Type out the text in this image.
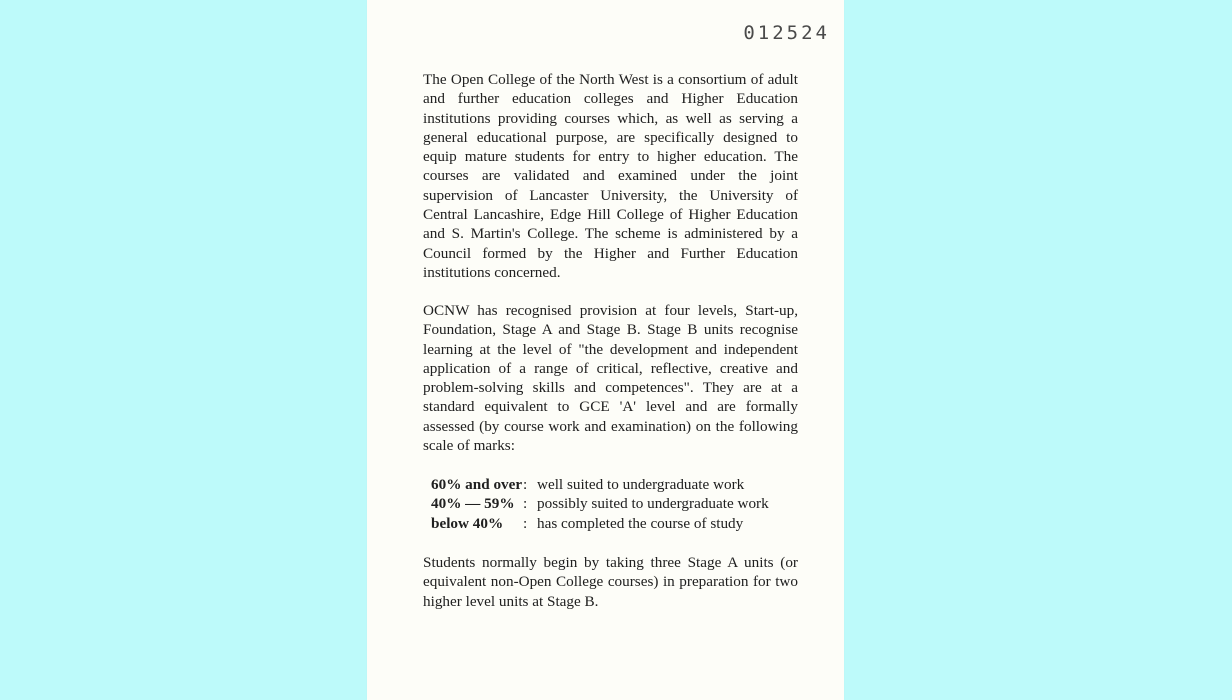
012524

The Open College of the North West is a consortium of adult and further education colleges and Higher Education institutions providing courses which, as well as serving a general educational purpose, are specifically designed to equip mature students for entry to higher education. The courses are validated and examined under the joint supervision of Lancaster University, the University of Central Lancashire, Edge Hill College of Higher Education and S. Martin's College. The scheme is administered by a Council formed by the Higher and Further Education institutions concerned.

OCNW has recognised provision at four levels, Start-up, Foundation, Stage A and Stage B. Stage B units recognise learning at the level of "the development and independent application of a range of critical, reflective, creative and problem-solving skills and competences". They are at a standard equivalent to GCE 'A' level and are formally assessed (by course work and examination) on the following scale of marks:

60% and over : well suited to undergraduate work
40% — 59% : possibly suited to undergraduate work
below 40%	: has completed the course of study

Students normally begin by taking three Stage A units (or equivalent non-Open College courses) in preparation for two higher level units at Stage B.
